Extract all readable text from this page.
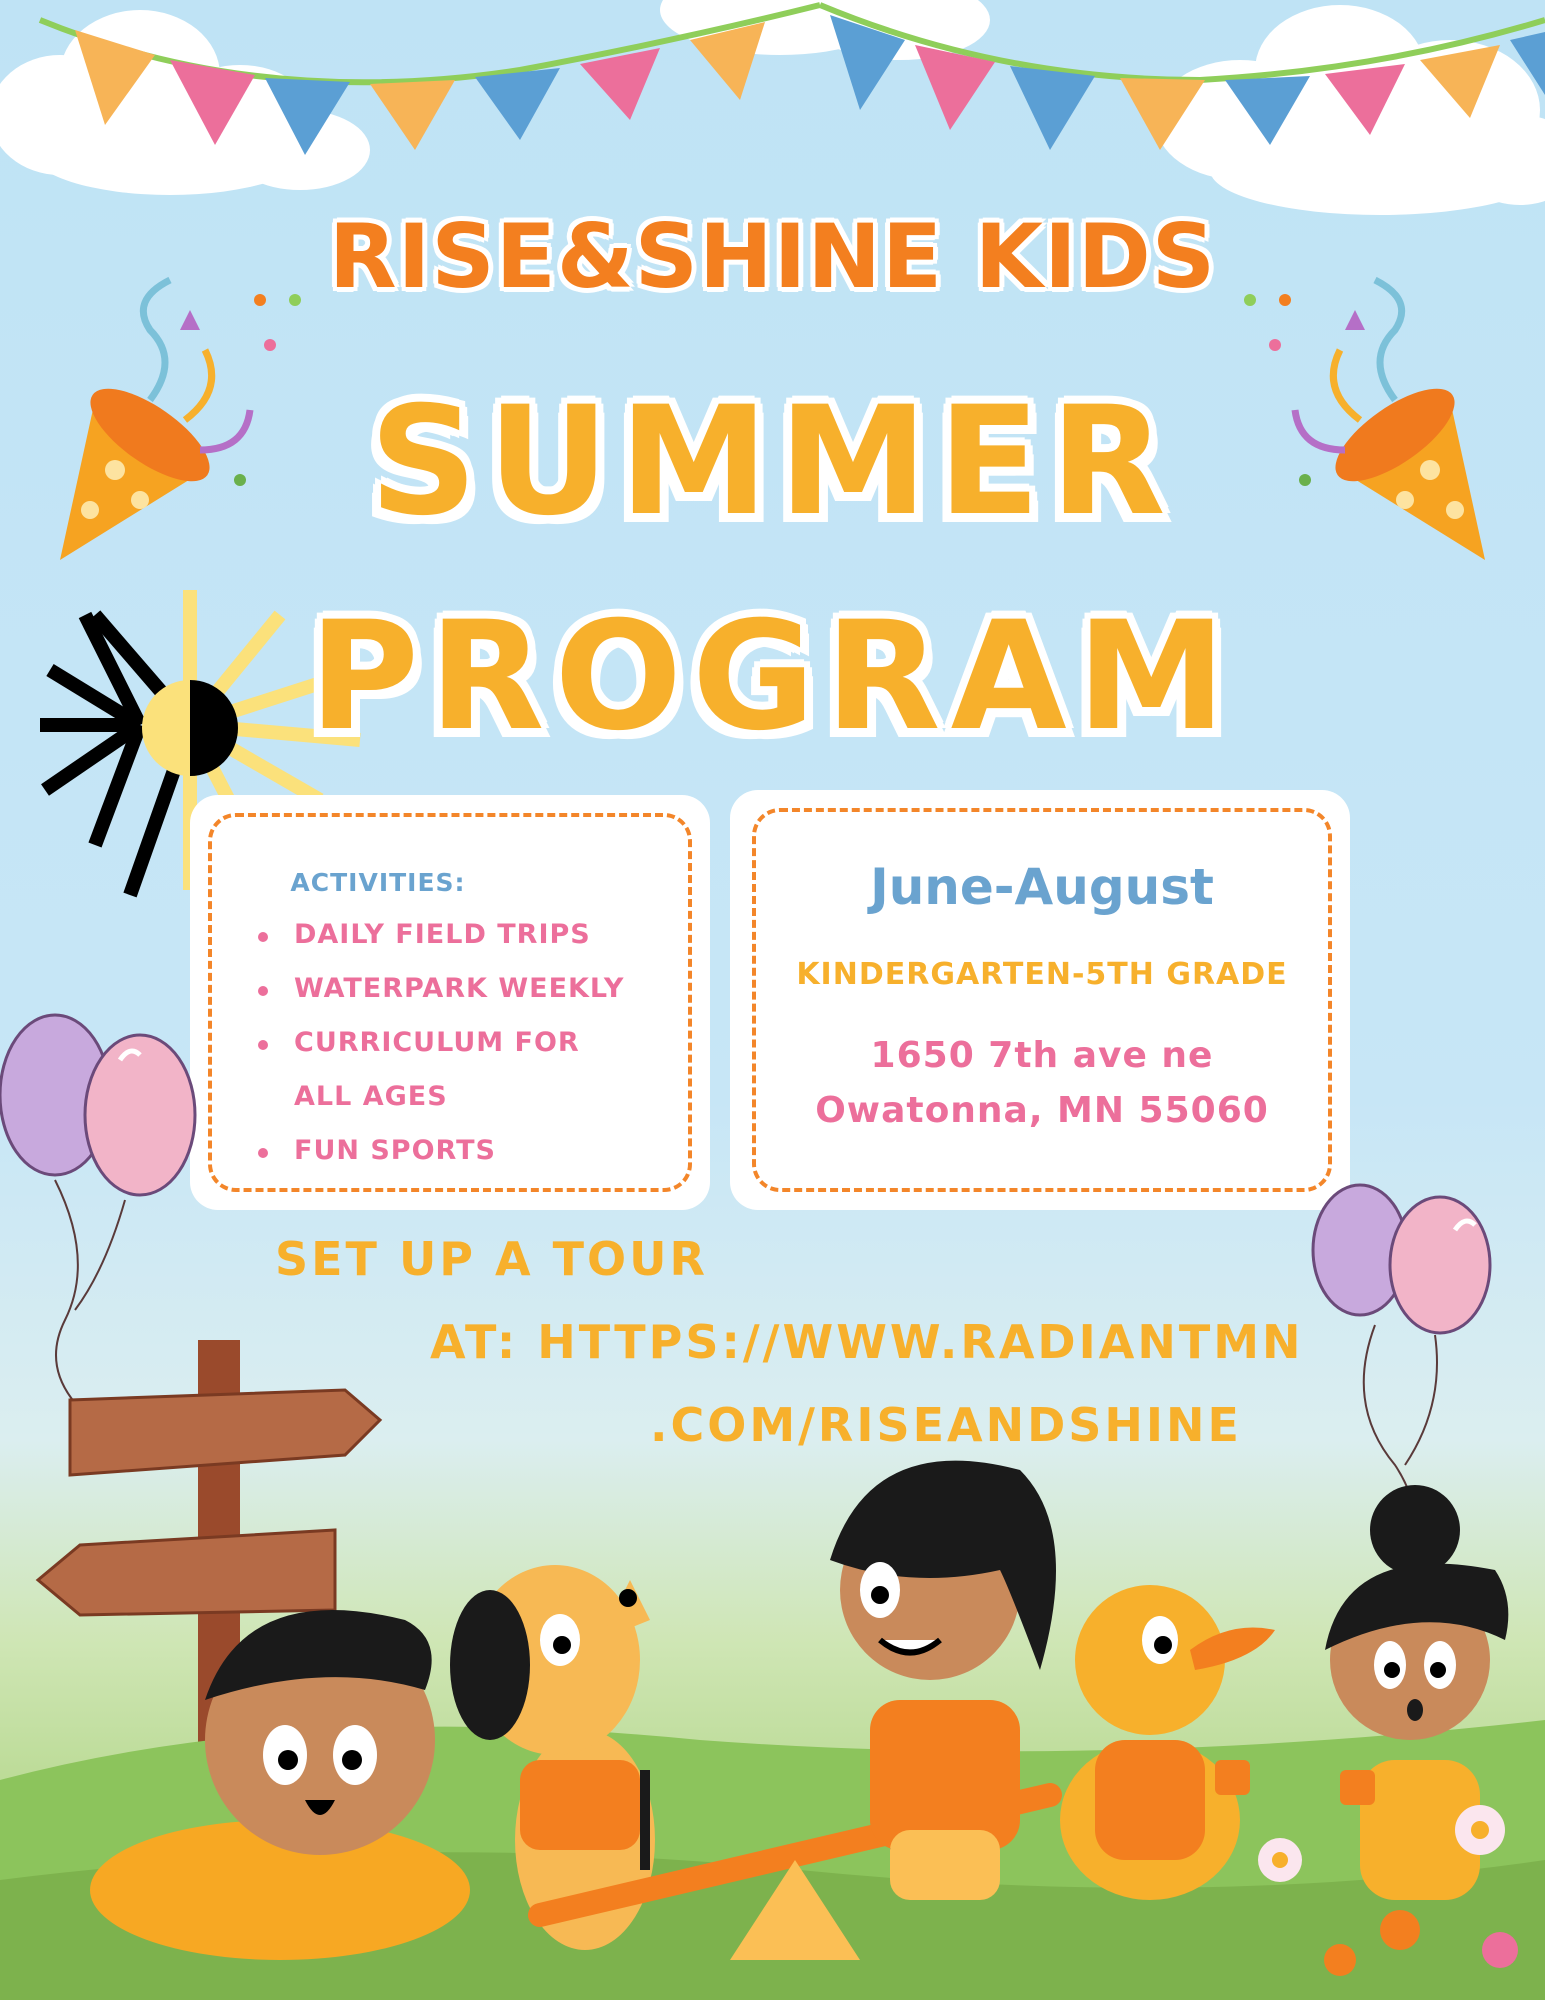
RISE&SHINE KIDS
SUMMER
PROGRAM
ACTIVITIES:
DAILY FIELD TRIPS
WATERPARK WEEKLY
CURRICULUM FOR ALL AGES
FUN SPORTS
June-August
KINDERGARTEN-5TH GRADE
1650 7th ave ne
Owatonna, MN 55060
SET UP A TOUR
AT: HTTPS://WWW.RADIANTMN
.COM/RISEANDSHINE
